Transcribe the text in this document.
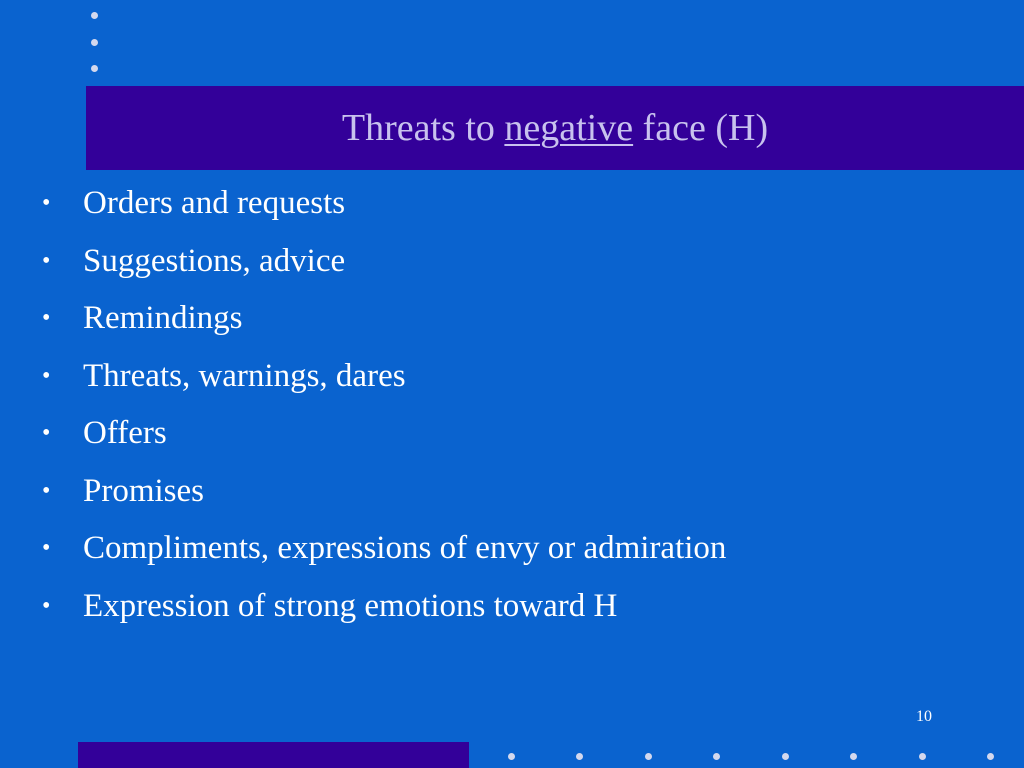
Threats to negative face (H)
• Orders and requests
• Suggestions, advice
• Remindings
• Threats, warnings, dares
• Offers
• Promises
• Compliments, expressions of envy or admiration
• Expression of strong emotions toward H
10
